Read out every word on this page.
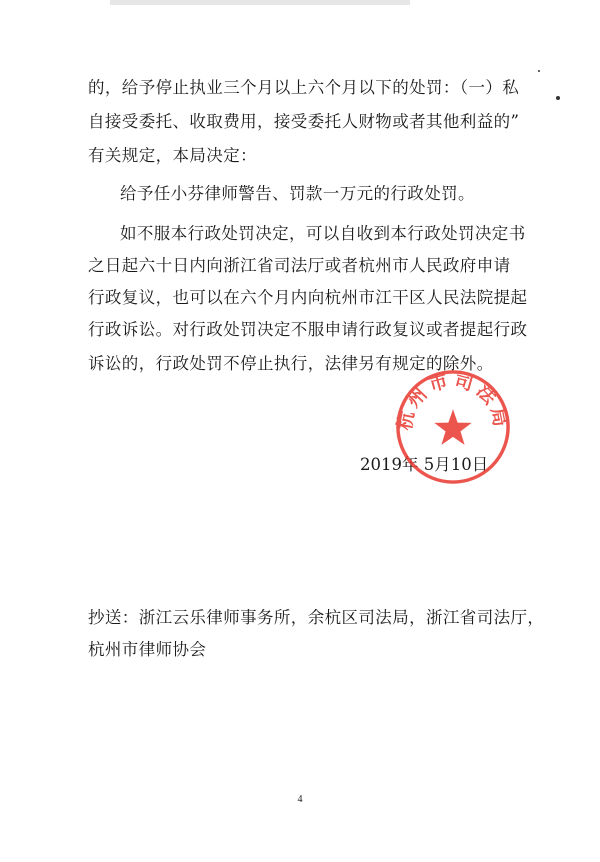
的，给予停止执业三个月以上六个月以下的处罚：（一）私
自接受委托、收取费用，接受委托人财物或者其他利益的”
有关规定，本局决定：
给予任小芬律师警告、罚款一万元的行政处罚。
如不服本行政处罚决定，可以自收到本行政处罚决定书
之日起六十日内向浙江省司法厅或者杭州市人民政府申请
行政复议，也可以在六个月内向杭州市江干区人民法院提起
行政诉讼。对行政处罚决定不服申请行政复议或者提起行政
诉讼的，行政处罚不停止执行，法律另有规定的除外。
2019年 5月10日
杭州市司法局
抄送：浙江云乐律师事务所，余杭区司法局，浙江省司法厅，
杭州市律师协会
4
